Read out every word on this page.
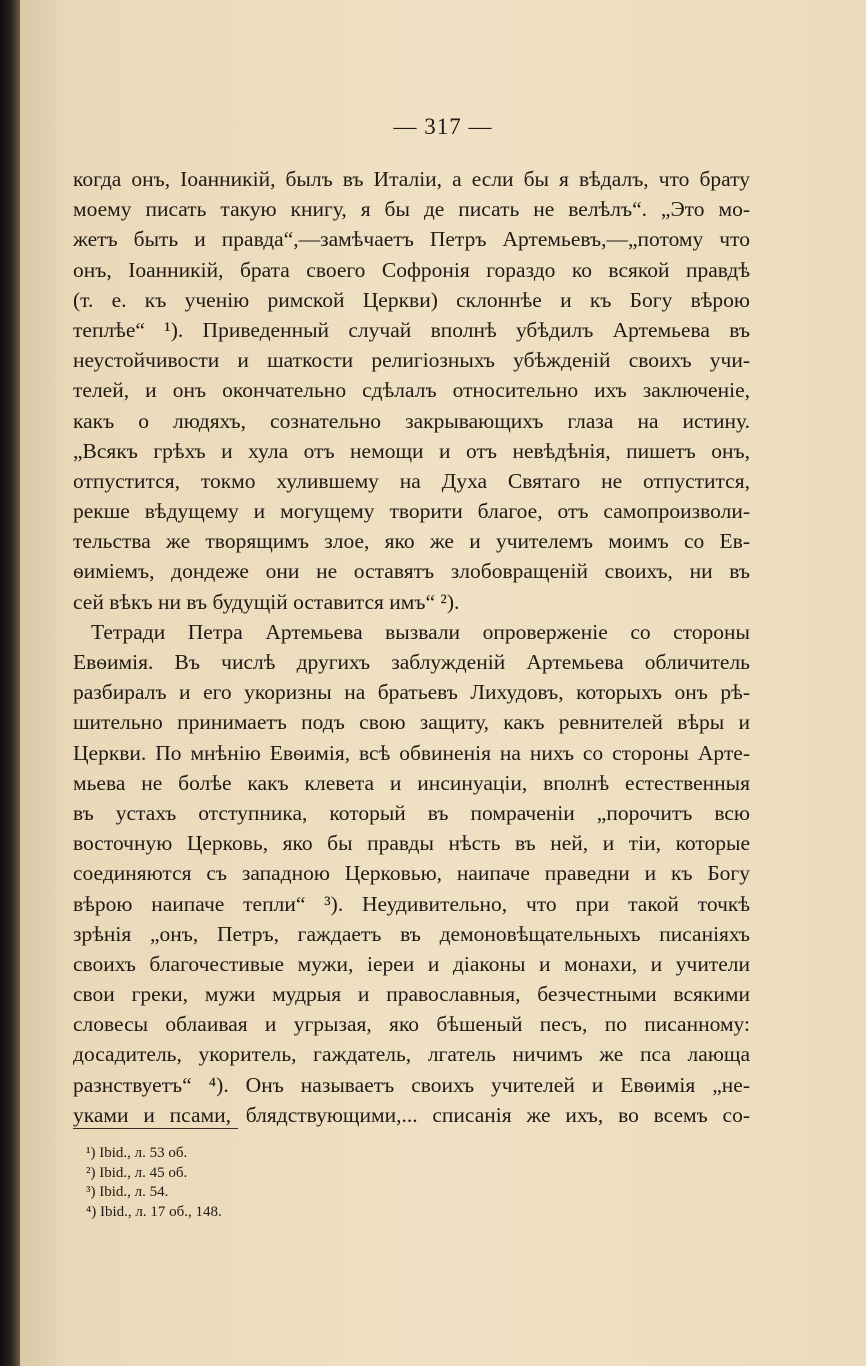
— 317 —
когда онъ, Іоанникій, былъ въ Италіи, а если бы я вѣдалъ, что брату
моему писать такую книгу, я бы де писать не велѣлъ“. „Это мо-
жетъ быть и правда“,—замѣчаетъ Петръ Артемьевъ,—„потому что
онъ, Іоанникій, брата своего Софронія гораздо ко всякой правдѣ
(т. е. къ ученію римской Церкви) склоннѣе и къ Богу вѣрою
теплѣе“ ¹). Приведенный случай вполнѣ убѣдилъ Артемьева въ
неустойчивости и шаткости религіозныхъ убѣжденій своихъ учи-
телей, и онъ окончательно сдѣлалъ относительно ихъ заключеніе,
какъ о людяхъ, сознательно закрывающихъ глаза на истину.
„Всякъ грѣхъ и хула отъ немощи и отъ невѣдѣнія, пишетъ онъ,
отпустится, токмо хулившему на Духа Святаго не отпустится,
рекше вѣдущему и могущему творити благое, отъ самопроизволи-
тельства же творящимъ злое, яко же и учителемъ моимъ со Ев-
ѳиміемъ, дондеже они не оставятъ злобовращеній своихъ, ни въ
сей вѣкъ ни въ будущій оставится имъ“ ²).
Тетради Петра Артемьева вызвали опроверженіе со стороны
Евѳимія. Въ числѣ другихъ заблужденій Артемьева обличитель
разбиралъ и его укоризны на братьевъ Лихудовъ, которыхъ онъ рѣ-
шительно принимаетъ подъ свою защиту, какъ ревнителей вѣры и
Церкви. По мнѣнію Евѳимія, всѣ обвиненія на нихъ со стороны Арте-
мьева не болѣе какъ клевета и инсинуаціи, вполнѣ естественныя
въ устахъ отступника, который въ помраченіи „порочитъ всю
восточную Церковь, яко бы правды нѣсть въ ней, и тіи, которые
соединяются съ западною Церковью, наипаче праведни и къ Богу
вѣрою наипаче тепли“ ³). Неудивительно, что при такой точкѣ
зрѣнія „онъ, Петръ, гаждаетъ въ демоновѣщательныхъ писаніяхъ
своихъ благочестивые мужи, іереи и діаконы и монахи, и учители
свои греки, мужи мудрыя и православныя, безчестными всякими
словесы облаивая и угрызая, яко бѣшеный песъ, по писанному:
досадитель, укоритель, гаждатель, лгатель ничимъ же пса лающа
разнствуетъ“ ⁴). Онъ называетъ своихъ учителей и Евѳимія „не-
уками и псами, блядствующими,... списанія же ихъ, во всемъ со-
¹) Ibid., л. 53 об.
²) Ibid., л. 45 об.
³) Ibid., л. 54.
⁴) Ibid., л. 17 об., 148.
